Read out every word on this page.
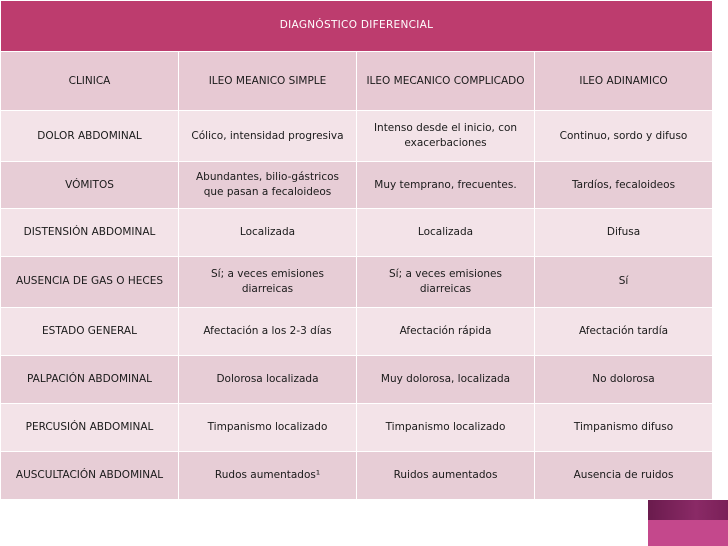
DIAGNÓSTICO DIFERENCIAL			
CLINICA	ILEO MEANICO SIMPLE	ILEO MECANICO COMPLICADO	ILEO ADINAMICO
DOLOR ABDOMINAL	Cólico, intensidad progresiva	Intenso desde el inicio, con exacerbaciones	Continuo, sordo y difuso
VÓMITOS	Abundantes, bilio-gástricos que pasan a fecaloideos	Muy temprano, frecuentes.	Tardíos, fecaloideos
DISTENSIÓN ABDOMINAL	Localizada	Localizada	Difusa
AUSENCIA DE GAS O HECES	Sí; a veces emisiones diarreicas	Sí; a veces emisiones diarreicas	Sí
ESTADO GENERAL	Afectación a los 2-3 días	Afectación rápida	Afectación tardía
PALPACIÓN ABDOMINAL	Dolorosa localizada	Muy dolorosa, localizada	No dolorosa
PERCUSIÓN ABDOMINAL	Timpanismo localizado	Timpanismo localizado	Timpanismo difuso
AUSCULTACIÓN ABDOMINAL	Rudos aumentados¹	Ruidos aumentados	Ausencia de ruidos
